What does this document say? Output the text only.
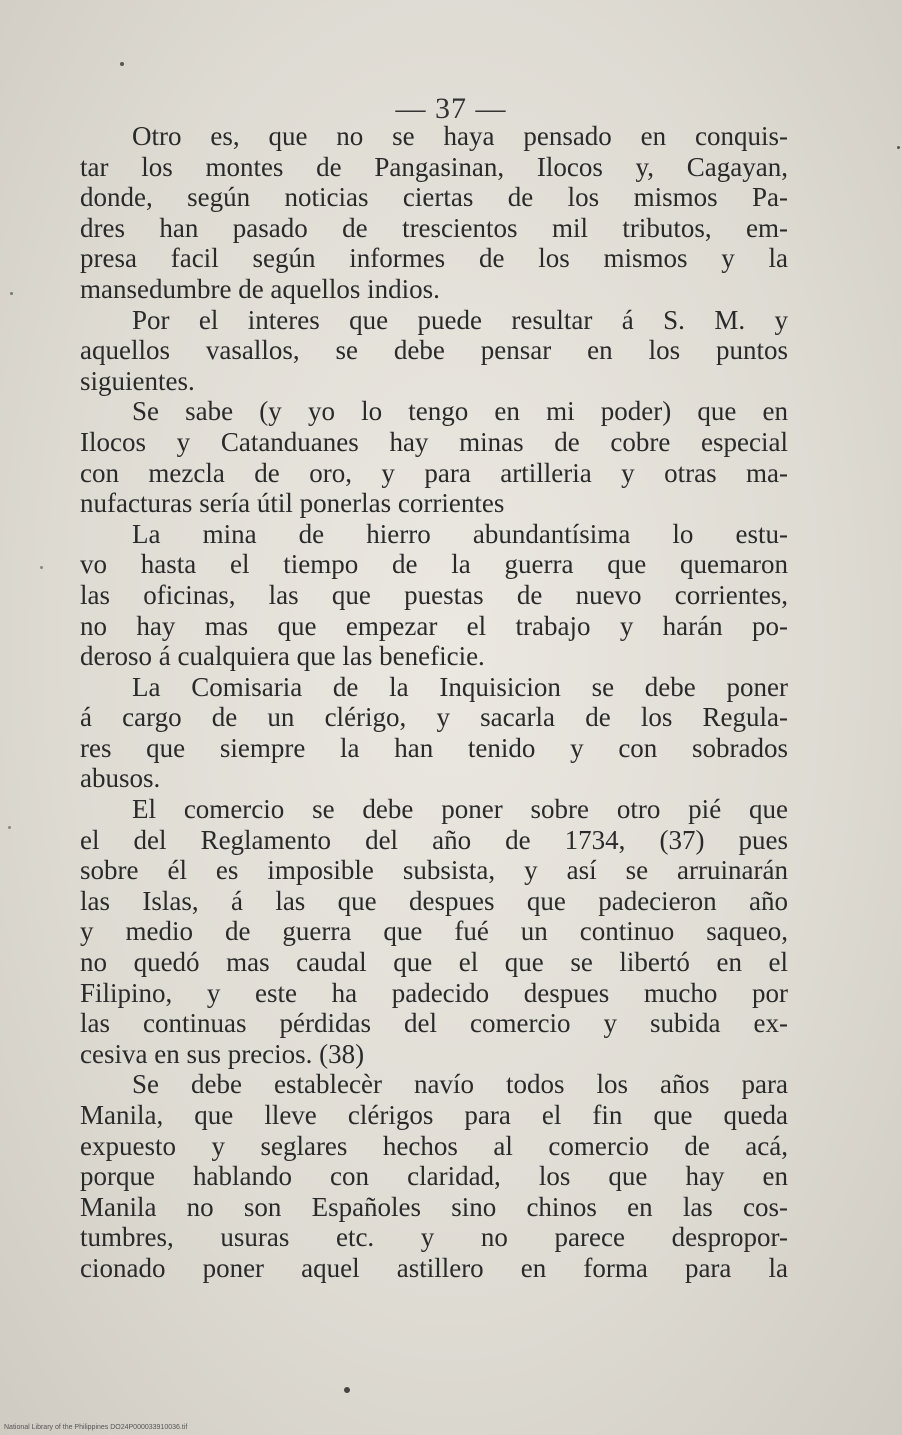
— 37 —
Otro es, que no se haya pensado en conquis-
tar los montes de Pangasinan, Ilocos y, Cagayan,
donde, según noticias ciertas de los mismos Pa-
dres han pasado de trescientos mil tributos, em-
presa facil según informes de los mismos y la
mansedumbre de aquellos indios.
Por el interes que puede resultar á S. M. y
aquellos vasallos, se debe pensar en los puntos
siguientes.
Se sabe (y yo lo tengo en mi poder) que en
Ilocos y Catanduanes hay minas de cobre especial
con mezcla de oro, y para artilleria y otras ma-
nufacturas sería útil ponerlas corrientes
La mina de hierro abundantísima lo estu-
vo hasta el tiempo de la guerra que quemaron
las oficinas, las que puestas de nuevo corrientes,
no hay mas que empezar el trabajo y harán po-
deroso á cualquiera que las beneficie.
La Comisaria de la Inquisicion se debe poner
á cargo de un clérigo, y sacarla de los Regula-
res que siempre la han tenido y con sobrados
abusos.
El comercio se debe poner sobre otro pié que
el del Reglamento del año de 1734, (37) pues
sobre él es imposible subsista, y así se arruinarán
las Islas, á las que despues que padecieron año
y medio de guerra que fué un continuo saqueo,
no quedó mas caudal que el que se libertó en el
Filipino, y este ha padecido despues mucho por
las continuas pérdidas del comercio y subida ex-
cesiva en sus precios. (38)
Se debe establecèr navío todos los años para
Manila, que lleve clérigos para el fin que queda
expuesto y seglares hechos al comercio de acá,
porque hablando con claridad, los que hay en
Manila no son Españoles sino chinos en las cos-
tumbres, usuras etc. y no parece despropor-
cionado poner aquel astillero en forma para la
National Library of the Philippines DO24P000033910036.tif
